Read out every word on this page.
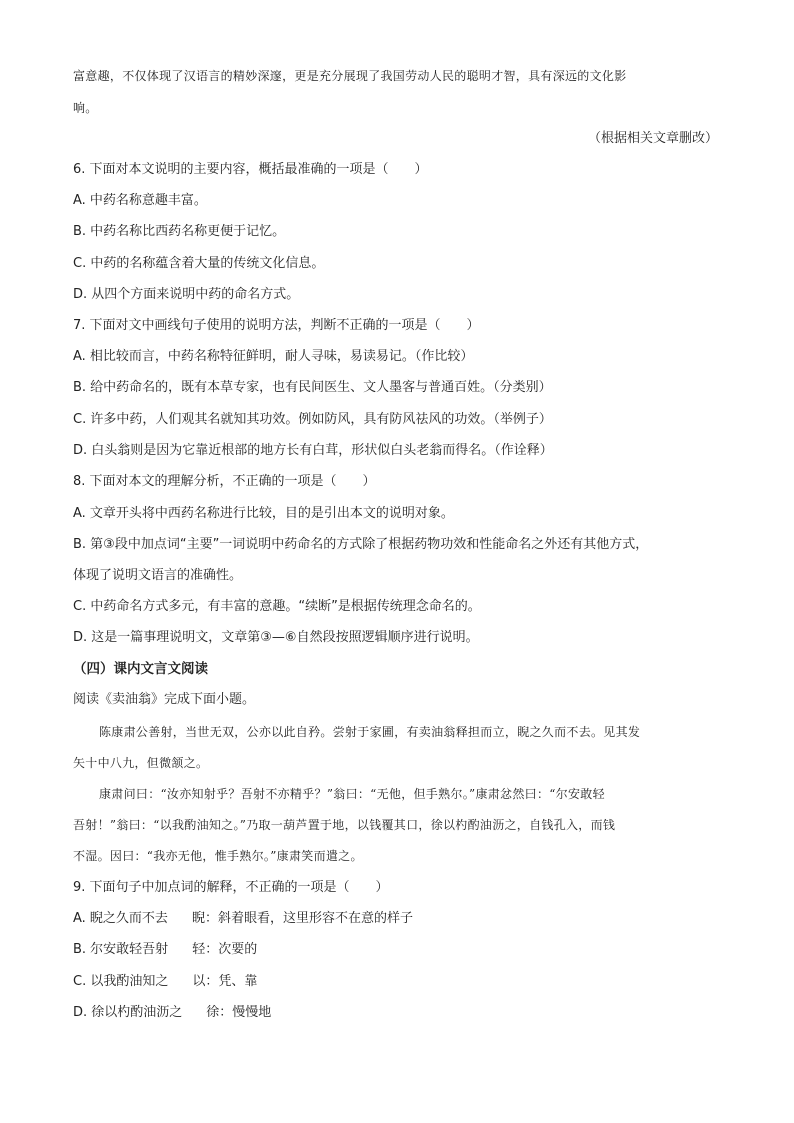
富意趣，不仅体现了汉语言的精妙深邃，更是充分展现了我国劳动人民的聪明才智，具有深远的文化影
响。
（根据相关文章删改）
6. 下面对本文说明的主要内容，概括最准确的一项是（　　）
A. 中药名称意趣丰富。
B. 中药名称比西药名称更便于记忆。
C. 中药的名称蕴含着大量的传统文化信息。
D. 从四个方面来说明中药的命名方式。
7. 下面对文中画线句子使用的说明方法，判断不正确的一项是（　　）
A. 相比较而言，中药名称特征鲜明，耐人寻味，易读易记。（作比较）
B. 给中药命名的，既有本草专家，也有民间医生、文人墨客与普通百姓。（分类别）
C. 许多中药，人们观其名就知其功效。例如防风，具有防风祛风的功效。（举例子）
D. 白头翁则是因为它靠近根部的地方长有白茸，形状似白头老翁而得名。（作诠释）
8. 下面对本文的理解分析，不正确的一项是（　　）
A. 文章开头将中西药名称进行比较，目的是引出本文的说明对象。
B. 第③段中加点词“主要”一词说明中药命名的方式除了根据药物功效和性能命名之外还有其他方式，
体现了说明文语言的准确性。
C. 中药命名方式多元，有丰富的意趣。“续断”是根据传统理念命名的。
D. 这是一篇事理说明文，文章第③—⑥自然段按照逻辑顺序进行说明。
（四）课内文言文阅读
阅读《卖油翁》完成下面小题。
陈康肃公善射，当世无双，公亦以此自矜。尝射于家圃，有卖油翁释担而立，睨之久而不去。见其发
矢十中八九，但微颔之。
康肃问曰：“汝亦知射乎？吾射不亦精乎？”翁曰：“无他，但手熟尔。”康肃忿然曰：“尔安敢轻
吾射！”翁曰：“以我酌油知之。”乃取一葫芦置于地，以钱覆其口，徐以杓酌油沥之，自钱孔入，而钱
不湿。因曰：“我亦无他，惟手熟尔。”康肃笑而遣之。
9. 下面句子中加点词的解释，不正确的一项是（　　）
A. 睨之久而不去 睨：斜着眼看，这里形容不在意的样子
B. 尔安敢轻吾射 轻：次要的
C. 以我酌油知之 以：凭、靠
D. 徐以杓酌油沥之 徐：慢慢地
